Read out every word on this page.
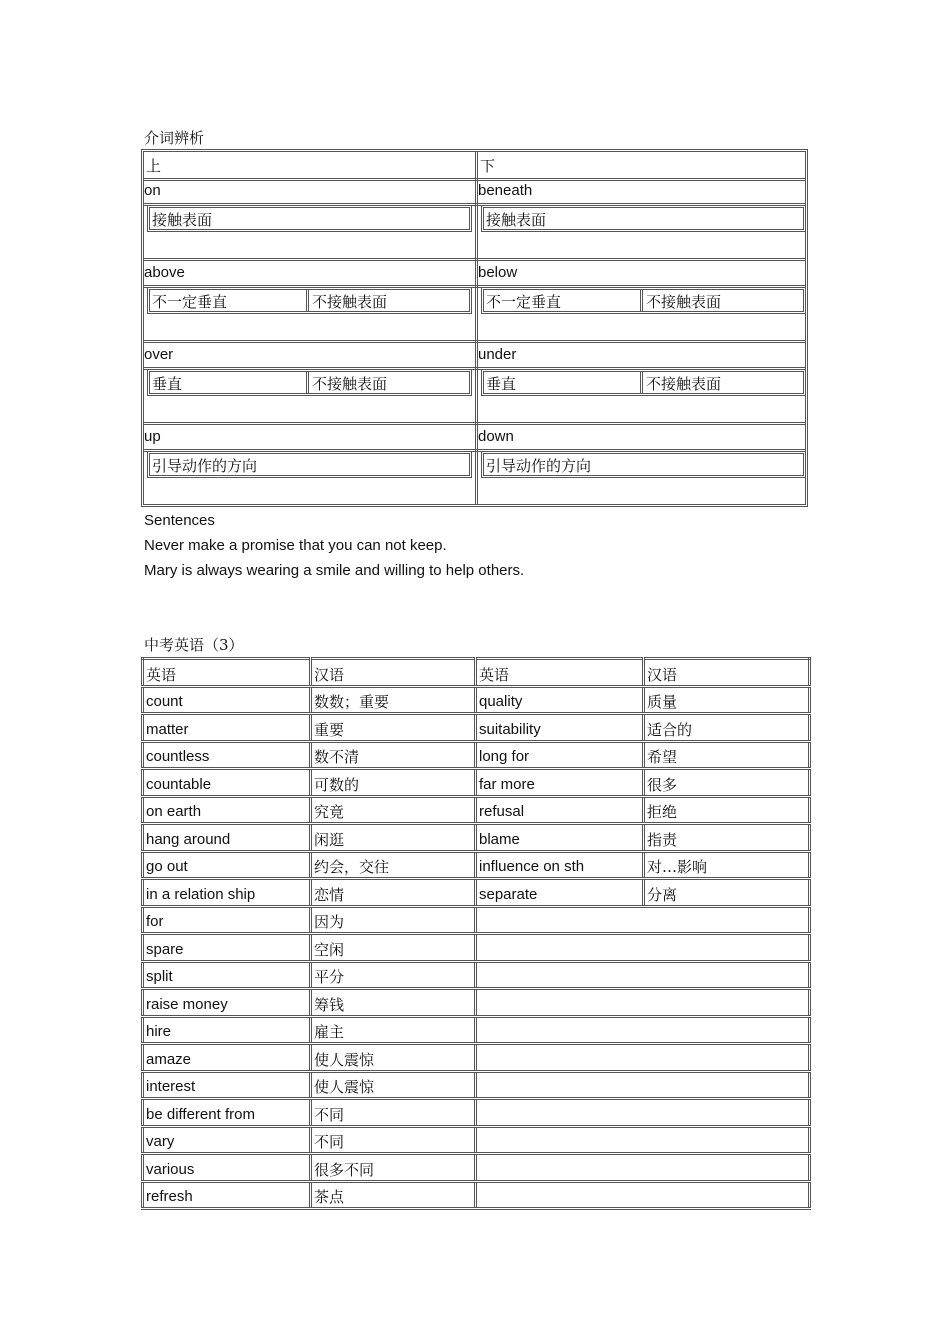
介词辨析
上	下
on	beneath
接触表面	接触表面
above	below
不一定垂直	不接触表面	不一定垂直	不接触表面
over	under
垂直	不接触表面	垂直	不接触表面
up	down
引导动作的方向	引导动作的方向
Sentences
Never make a promise that you can not keep.
Mary is always wearing a smile and willing to help others.
中考英语（3）
英语	汉语	英语	汉语
count	数数；重要	quality	质量
matter	重要	suitability	适合的
countless	数不清	long for	希望
countable	可数的	far more	很多
on earth	究竟	refusal	拒绝
hang around	闲逛	blame	指责
go out	约会，交往	influence on sth	对…影响
in a relation ship	恋情	separate	分离
for	因为		
spare	空闲		
split	平分		
raise money	筹钱		
hire	雇主		
amaze	使人震惊		
interest	使人震惊		
be different from	不同		
vary	不同		
various	很多不同		
refresh	茶点		
